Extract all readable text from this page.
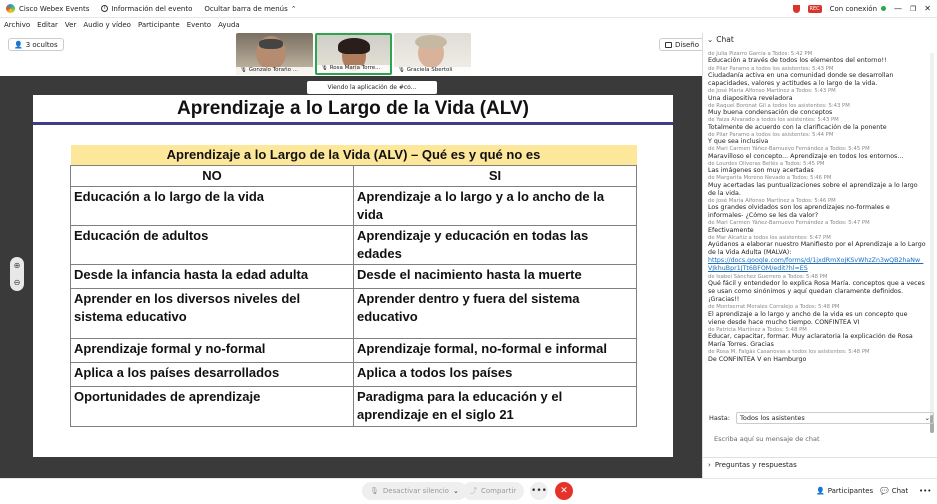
Cisco Webex Events	i Información del evento Ocultar barra de menús ⌃	REC Con conexión — ❐ ✕
Archivo Editar Ver Audio y vídeo Participante Evento Ayuda
👤 3 ocultos
🎙 Gonzalo Toraño ...	🎙 Rosa María Torre...	🎙 Graciela Sbertoli
Diseño
Viendo la aplicación de #co...
Aprendizaje a lo Largo de la Vida (ALV)
Aprendizaje a lo Largo de la Vida (ALV) – Qué es y qué no es	
NO	SI
Educación a lo largo de la vida	Aprendizaje a lo largo y a lo ancho de la vida
Educación de adultos	Aprendizaje y educación en todas las edades
Desde la infancia hasta la edad adulta	Desde el nacimiento hasta la muerte
Aprender en los diversos niveles del sistema educativo	Aprender dentro y fuera del sistema educativo
Aprendizaje formal y no-formal	Aprendizaje formal, no-formal e informal
Aplica a los países desarrollados	Aplica a todos los países
Oportunidades de aprendizaje	Paradigma para la educación y el aprendizaje en el siglo 21
⊕
⊖
⌄ Chat
de Julia Pizarro García a Todos: 5:42 PM
Educación a través de todos los elementos del entorno!!
de Pilar Paramo a todos los asistentes: 5:43 PM
Ciudadanía activa en una comunidad donde se desarrollan capacidades, valores y actitudes a lo largo de la vida.
de José María Alfonso Martínez a Todos: 5:43 PM
Una diapositiva reveladora
de Raquel Boronat Gil a todos los asistentes: 5:43 PM
Muy buena condensación de conceptos
de Yaiza Alvarado a todos los asistentes: 5:43 PM
Totalmente de acuerdo con la clarificación de la ponente
de Pilar Paramo a todos los asistentes: 5:44 PM
Y que sea inclusiva
de Mari Carmen Yáñez-Barnuevo Fernández a Todos: 5:45 PM
Maravilloso el concepto... Aprendizaje en todos los entornos...
de Lourdes Oliveras Bellés a Todos: 5:45 PM
Las imágenes son muy acertadas
de Margarita Moreno Nevado a Todos: 5:46 PM
Muy acertadas las puntualizaciones sobre el aprendizaje a lo largo de la vida.
de José María Alfonso Martínez a Todos: 5:46 PM
Los grandes olvidados son los aprendizajes no-formales e informales- ¿Cómo se les da valor?
de Mari Carmen Yáñez-Barnuevo Fernández a Todos: 5:47 PM
Efectivamente
de Mar Alcañiz a todos los asistentes: 5:47 PM
Ayúdanos a elaborar nuestro Manifiesto por el Aprendizaje a lo Largo de la Vida Adulta (MALVA):
https://docs.google.com/forms/d/1jxdRmXoJKSvWhzZn3wQB2haNw_VJkhuBpr1JTt6BFOM/edit?hl=ES
de Isabel Sánchez Guerrero a Todos: 5:48 PM
Qué fácil y entendedor lo explica Rosa María. conceptos que a veces se usan como sinónimos y aquí quedan claramente definidos. ¡Gracias!!
de Montserrat Morales Corralejo a Todos: 5:48 PM
El aprendizaje a lo largo y ancho de la vida es un concepto que viene desde hace mucho tiempo. CONFINTEA VI
de Patricia Martínez a Todos: 5:48 PM
Educar, capacitar, formar. Muy aclaratoria la explicación de Rosa María Torres. Gracias
de Rosa M. Falgàs Casanovas a todos los asistentes: 5:48 PM
De CONFINTEA V en Hamburgo
Hasta: Todos los asistentes	⌄
Escriba aquí su mensaje de chat
› Preguntas y respuestas
🎙 Desactivar silencio ⌄ ⤴ Compartir ••• ✕	👤 Participantes 💬 Chat	•••
